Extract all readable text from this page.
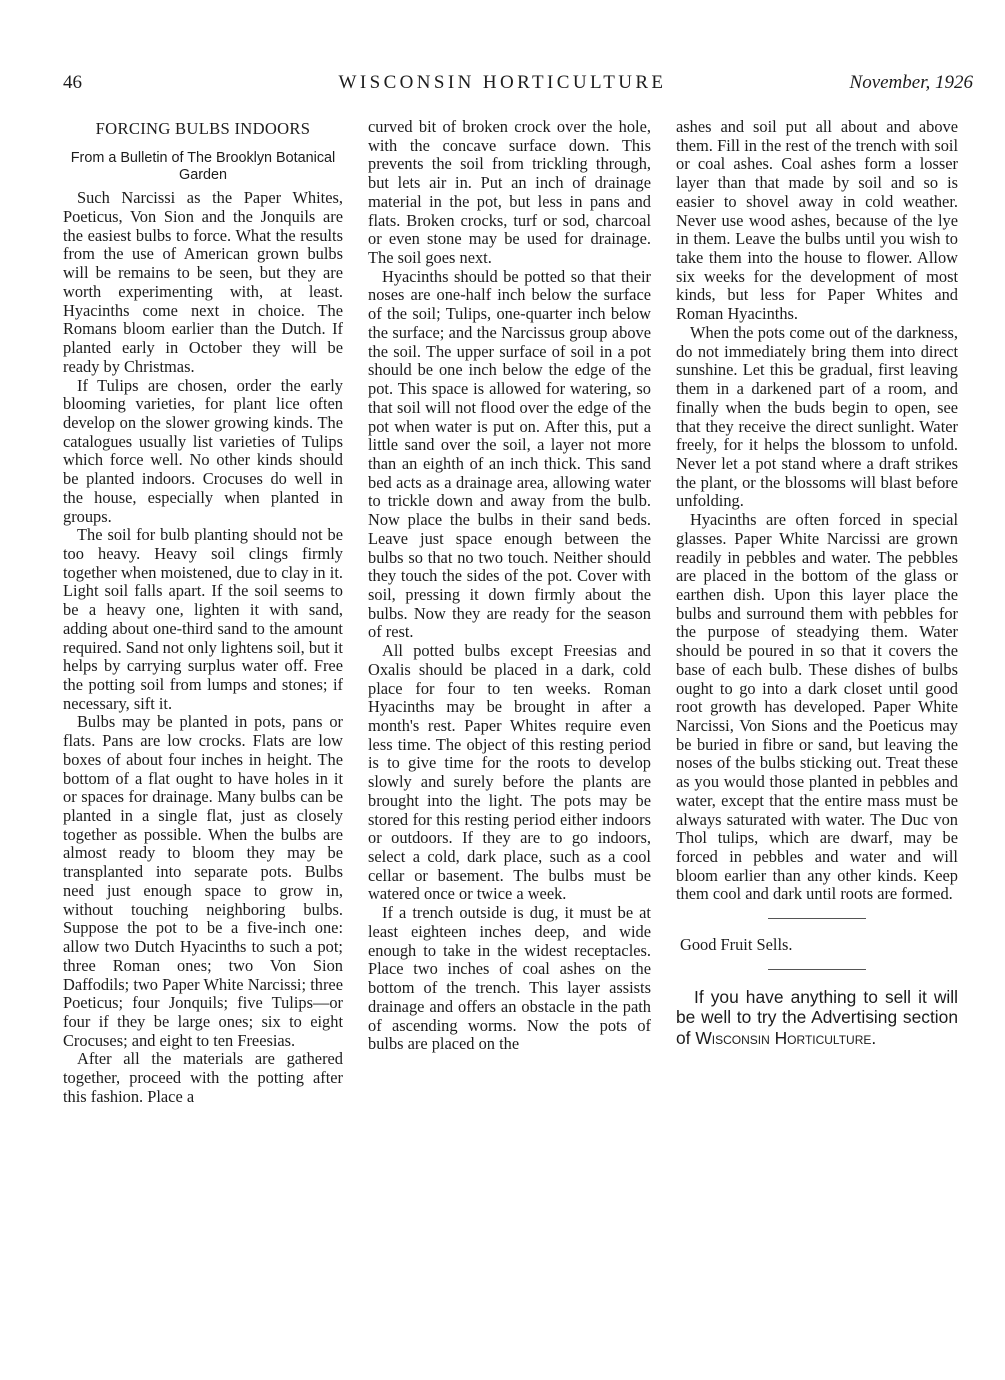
46	WISCONSIN HORTICULTURE	November, 1926
FORCING BULBS INDOORS
From a Bulletin of The Brooklyn Botanical Garden

Such Narcissi as the Paper Whites, Poeticus, Von Sion and the Jonquils are the easiest bulbs to force. What the results from the use of American grown bulbs will be remains to be seen, but they are worth experimenting with, at least. Hyacinths come next in choice. The Romans bloom earlier than the Dutch. If planted early in October they will be ready by Christmas.

If Tulips are chosen, order the early blooming varieties, for plant lice often develop on the slower growing kinds. The catalogues usually list varieties of Tulips which force well. No other kinds should be planted indoors. Crocuses do well in the house, especially when planted in groups.

The soil for bulb planting should not be too heavy. Heavy soil clings firmly together when moistened, due to clay in it. Light soil falls apart. If the soil seems to be a heavy one, lighten it with sand, adding about one-third sand to the amount required. Sand not only lightens soil, but it helps by carrying surplus water off. Free the potting soil from lumps and stones; if necessary, sift it.

Bulbs may be planted in pots, pans or flats. Pans are low crocks. Flats are low boxes of about four inches in height. The bottom of a flat ought to have holes in it or spaces for drainage. Many bulbs can be planted in a single flat, just as closely together as possible. When the bulbs are almost ready to bloom they may be transplanted into separate pots. Bulbs need just enough space to grow in, without touching neighboring bulbs. Suppose the pot to be a five-inch one: allow two Dutch Hyacinths to such a pot; three Roman ones; two Von Sion Daffodils; two Paper White Narcissi; three Poeticus; four Jonquils; five Tulips—or four if they be large ones; six to eight Crocuses; and eight to ten Freesias.

After all the materials are gathered together, proceed with the potting after this fashion. Place a

curved bit of broken crock over the hole, with the concave surface down. This prevents the soil from trickling through, but lets air in. Put an inch of drainage material in the pot, but less in pans and flats. Broken crocks, turf or sod, charcoal or even stone may be used for drainage. The soil goes next.

Hyacinths should be potted so that their noses are one-half inch below the surface of the soil; Tulips, one-quarter inch below the surface; and the Narcissus group above the soil. The upper surface of soil in a pot should be one inch below the edge of the pot. This space is allowed for watering, so that soil will not flood over the edge of the pot when water is put on. After this, put a little sand over the soil, a layer not more than an eighth of an inch thick. This sand bed acts as a drainage area, allowing water to trickle down and away from the bulb. Now place the bulbs in their sand beds. Leave just space enough between the bulbs so that no two touch. Neither should they touch the sides of the pot. Cover with soil, pressing it down firmly about the bulbs. Now they are ready for the season of rest.

All potted bulbs except Freesias and Oxalis should be placed in a dark, cold place for four to ten weeks. Roman Hyacinths may be brought in after a month's rest. Paper Whites require even less time. The object of this resting period is to give time for the roots to develop slowly and surely before the plants are brought into the light. The pots may be stored for this resting period either indoors or outdoors. If they are to go indoors, select a cold, dark place, such as a cool cellar or basement. The bulbs must be watered once or twice a week.

If a trench outside is dug, it must be at least eighteen inches deep, and wide enough to take in the widest receptacles. Place two inches of coal ashes on the bottom of the trench. This layer assists drainage and offers an obstacle in the path of ascending worms. Now the pots of bulbs are placed on the

ashes and soil put all about and above them. Fill in the rest of the trench with soil or coal ashes. Coal ashes form a losser layer than that made by soil and so is easier to shovel away in cold weather. Never use wood ashes, because of the lye in them. Leave the bulbs until you wish to take them into the house to flower. Allow six weeks for the development of most kinds, but less for Paper Whites and Roman Hyacinths.

When the pots come out of the darkness, do not immediately bring them into direct sunshine. Let this be gradual, first leaving them in a darkened part of a room, and finally when the buds begin to open, see that they receive the direct sunlight. Water freely, for it helps the blossom to unfold. Never let a pot stand where a draft strikes the plant, or the blossoms will blast before unfolding.

Hyacinths are often forced in special glasses. Paper White Narcissi are grown readily in pebbles and water. The pebbles are placed in the bottom of the glass or earthen dish. Upon this layer place the bulbs and surround them with pebbles for the purpose of steadying them. Water should be poured in so that it covers the base of each bulb. These dishes of bulbs ought to go into a dark closet until good root growth has developed. Paper White Narcissi, Von Sions and the Poeticus may be buried in fibre or sand, but leaving the noses of the bulbs sticking out. Treat these as you would those planted in pebbles and water, except that the entire mass must be always saturated with water. The Duc von Thol tulips, which are dwarf, may be forced in pebbles and water and will bloom earlier than any other kinds. Keep them cool and dark until roots are formed.

Good Fruit Sells.

If you have anything to sell it will be well to try the Advertising section of Wisconsin Horticulture.
